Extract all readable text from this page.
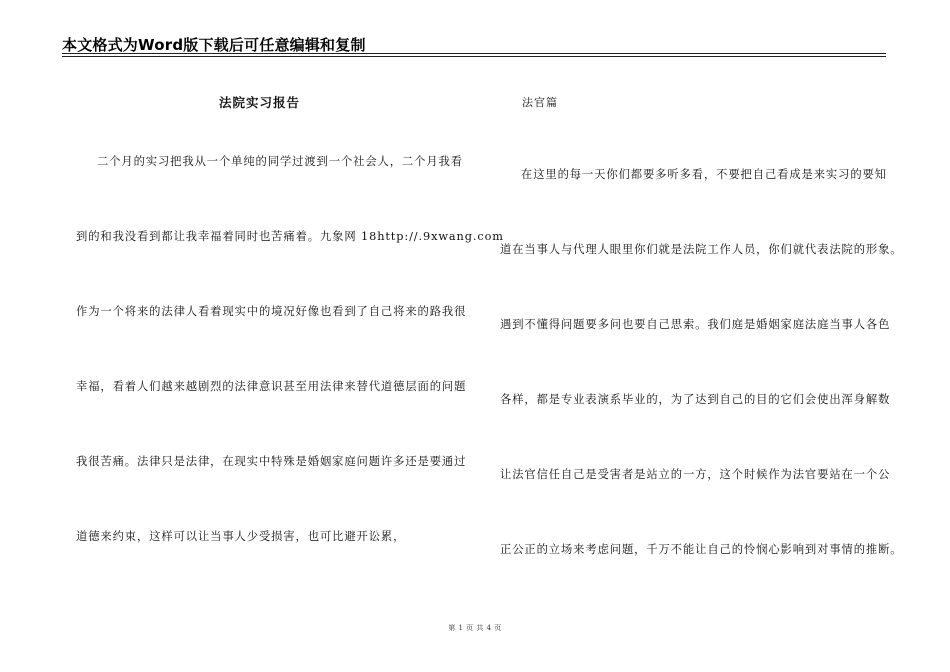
本文格式为Word版下载后可任意编辑和复制
法院实习报告
二个月的实习把我从一个单纯的同学过渡到一个社会人，二个月我看
到的和我没看到都让我幸福着同时也苦痛着。九象网 18http://.9xwang.com
作为一个将来的法律人看着现实中的境况好像也看到了自己将来的路我很
幸福，看着人们越来越剧烈的法律意识甚至用法律来替代道德层面的问题
我很苦痛。法律只是法律，在现实中特殊是婚姻家庭问题许多还是要通过
道德来约束，这样可以让当事人少受损害，也可比避开讼累，
法官篇
在这里的每一天你们都要多听多看，不要把自己看成是来实习的要知
道在当事人与代理人眼里你们就是法院工作人员，你们就代表法院的形象。
遇到不懂得问题要多问也要自己思索。我们庭是婚姻家庭法庭当事人各色
各样，都是专业表演系毕业的，为了达到自己的目的它们会使出浑身解数
让法官信任自己是受害者是站立的一方，这个时候作为法官要站在一个公
正公正的立场来考虑问题，千万不能让自己的怜悯心影响到对事情的推断。
第 1 页 共 4 页
